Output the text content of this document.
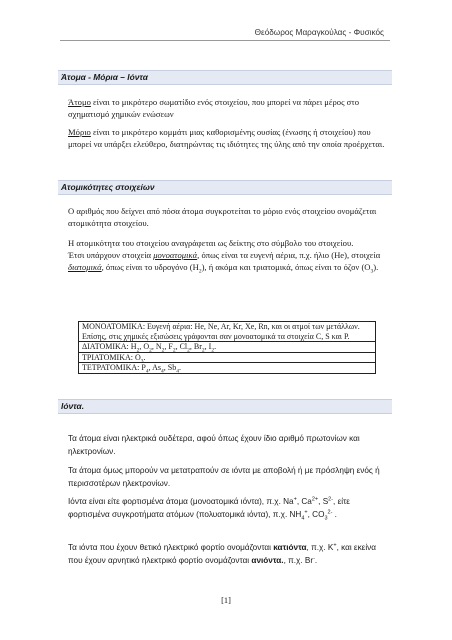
Θεόδωρος Μαραγκούλας - Φυσικός
Άτομα - Μόρια – Ιόντα

Άτομο είναι το μικρότερο σωματίδιο ενός στοιχείου, που μπορεί να πάρει μέρος στο σχηματισμό χημικών ενώσεων

Μόριο είναι το μικρότερο κομμάτι μιας καθορισμένης ουσίας (ένωσης ή στοιχείου) που μπορεί να υπάρξει ελεύθερο, διατηρώντας τις ιδιότητες της ύλης από την οποία προέρχεται.

Ατομικότητες στοιχείων

Ο αριθμός που δείχνει από πόσα άτομα συγκροτείται το μόριο ενός στοιχείου ονομάζεται ατομικότητα στοιχείου.

Η ατομικότητα του στοιχείου αναγράφεται ως δείκτης στο σύμβολο του στοιχείου.

Έτσι υπάρχουν στοιχεία μονοατομικά, όπως είναι τα ευγενή αέρια, π.χ. ήλιο (He), στοιχεία διατομικά, όπως είναι το υδρογόνο $(H_2)$, ή ακόμα και τριατομικά, όπως είναι το όζον $(O_3)$.

ΜΟΝΟΑΤΟΜΙΚΑ: Ευγενή αέρια: He, Ne, Ar, Kr, Xe, Rn, και οι ατμοί των μετάλλων.
Επίσης, στις χημικές εξισώσεις γράφονται σαν μονοατομικά τα στοιχεία C, S και P.

ΔΙΑΤΟΜΙΚΑ: $H_2$, $O_2$, $N_2$, $F_2$, $Cl_2$, $Br_2$, $I_2$.
ΤΡΙΑΤΟΜΙΚΑ: $O_3$.
ΤΕΤΡΑΤΟΜΙΚΑ: $P_4$, $As_4$, $Sb_4$.
Ιόντα.

Τα άτομα είναι ηλεκτρικά ουδέτερα, αφού όπως έχουν ίδιο αριθμό πρωτονίων και ηλεκτρονίων.

Τα άτομα όμως μπορούν να μετατραπούν σε ιόντα με αποβολή ή με πρόσληψη ενός ή περισσοτέρων ηλεκτρονίων.

Ιόντα είναι είτε φορτισμένα άτομα (μονοατομικά ιόντα), π.χ. Na+, $Ca^{2+}$, $S^{2-}$, είτε φορτισμένα συγκροτήματα ατόμων (πολυατομικά ιόντα), π.χ. $NH_4^+$, $CO_3^{2-}$ .

Τα ιόντα που έχουν θετικό ηλεκτρικό φορτίο ονομάζονται κατιόντα, π.χ. K+, και εκείνα που έχουν αρνητικό ηλεκτρικό φορτίο ονομάζονται ανιόντα., π.χ. Br-.

[1]
